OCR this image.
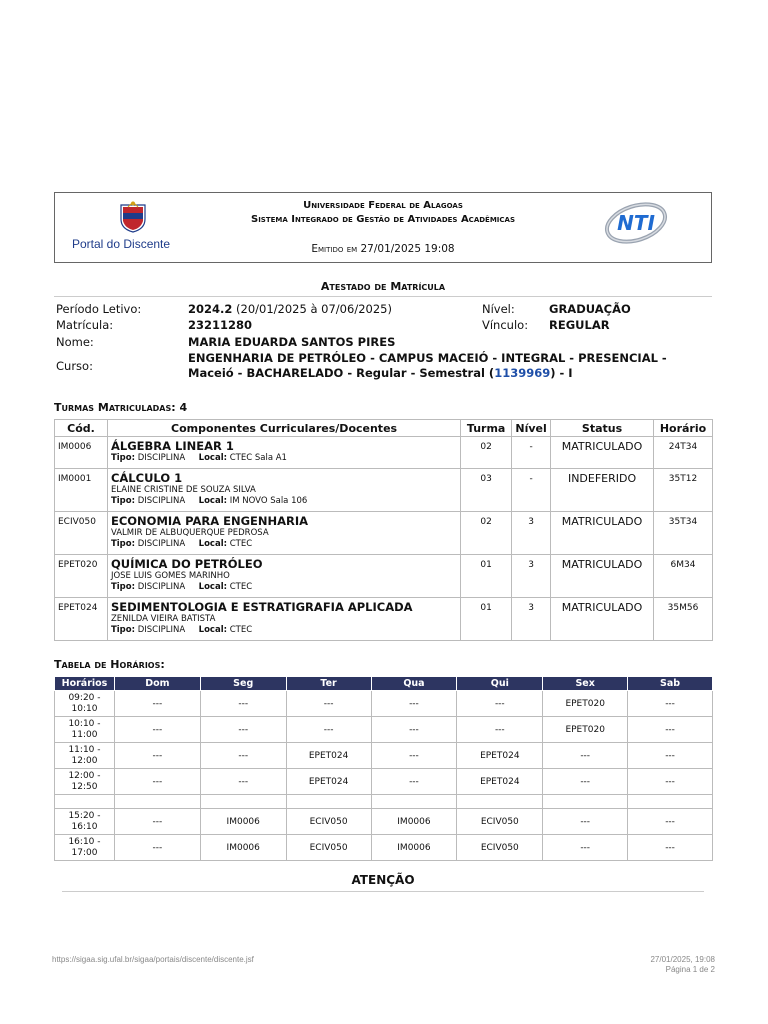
Portal do Discente
Universidade Federal de Alagoas
Sistema Integrado de Gestão de Atividades Acadêmicas
Emitido em 27/01/2025 19:08
NTI
Atestado de Matrícula
Período Letivo:	2024.2 (20/01/2025 à 07/06/2025)	Nível:	GRADUAÇÃO
Matrícula:	23211280	Vínculo: REGULAR
Nome:	MARIA EDUARDA SANTOS PIRES
Curso:
ENGENHARIA DE PETRÓLEO - CAMPUS MACEIÓ - INTEGRAL - PRESENCIAL -
Maceió - BACHARELADO - Regular - Semestral (1139969) - I
Turmas Matriculadas: 4
Cód.	Componentes Curriculares/Docentes	Turma	Nível	Status	Horário
IM0006	ÁLGEBRA LINEAR 1
Tipo: DISCIPLINA Local: CTEC Sala A1	02	-	MATRICULADO	24T34
IM0001	CÁLCULO 1
ELAINE CRISTINE DE SOUZA SILVA
Tipo: DISCIPLINA Local: IM NOVO Sala 106	03	-	INDEFERIDO	35T12
ECIV050	ECONOMIA PARA ENGENHARIA
VALMIR DE ALBUQUERQUE PEDROSA
Tipo: DISCIPLINA Local: CTEC	02	3	MATRICULADO	35T34
EPET020	QUÍMICA DO PETRÓLEO
JOSE LUIS GOMES MARINHO
Tipo: DISCIPLINA Local: CTEC	01	3	MATRICULADO	6M34
EPET024	SEDIMENTOLOGIA E ESTRATIGRAFIA APLICADA
ZENILDA VIEIRA BATISTA
Tipo: DISCIPLINA Local: CTEC	01	3	MATRICULADO	35M56
Tabela de Horários:
Horários	Dom	Seg	Ter	Qua	Qui	Sex	Sab
09:20 -
10:10	---	---	---	---	---	EPET020	---
10:10 -
11:00	---	---	---	---	---	EPET020	---
11:10 -
12:00	---	---	EPET024	---	EPET024	---	---
12:00 -
12:50	---	---	EPET024	---	EPET024	---	---

15:20 -
16:10	---	IM0006	ECIV050	IM0006	ECIV050	---	---
16:10 -
17:00	---	IM0006	ECIV050	IM0006	ECIV050	---	---
ATENÇÃO
https://sigaa.sig.ufal.br/sigaa/portais/discente/discente.jsf	27/01/2025, 19:08
Página 1 de 2
